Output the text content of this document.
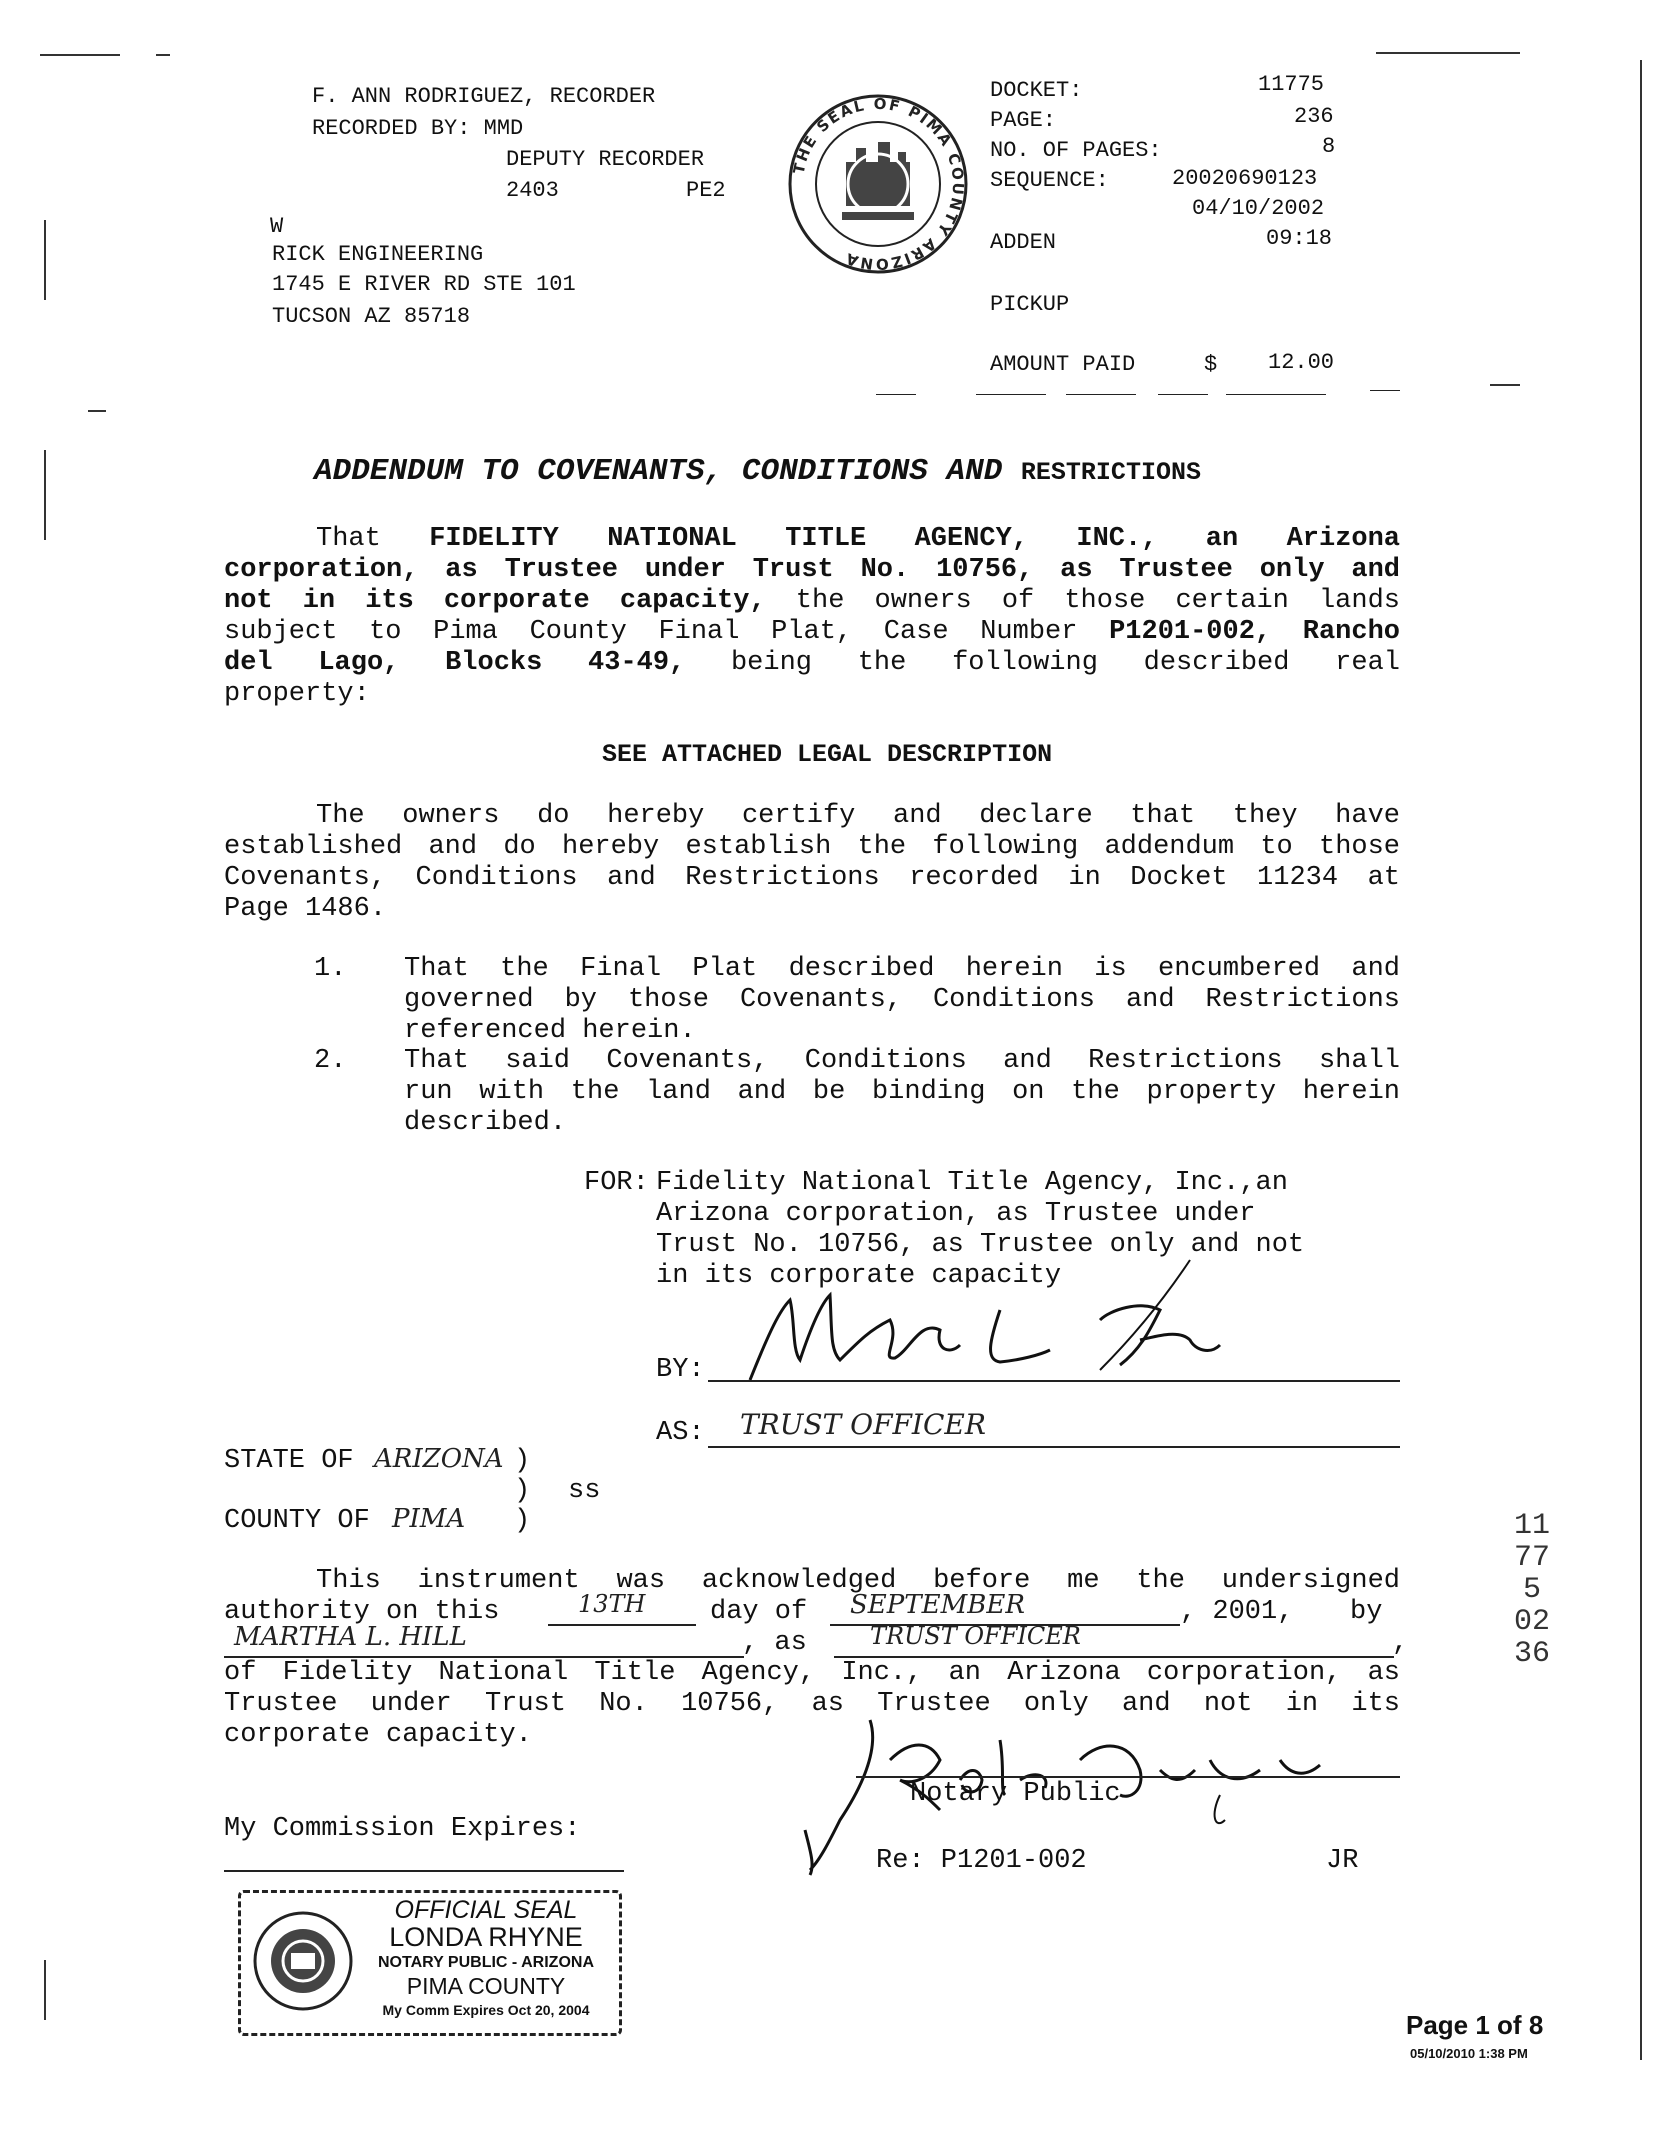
F. ANN RODRIGUEZ, RECORDER
RECORDED BY: MMD
DEPUTY RECORDER
2403	PE2
W
RICK ENGINEERING
1745 E RIVER RD STE 101
TUCSON AZ 85718
THE SEAL OF PIMA COUNTY ARIZONA
DOCKET:	11775
PAGE:	236
NO. OF PAGES:	8
SEQUENCE:	20020690123
04/10/2002
ADDEN	09:18
PICKUP
AMOUNT PAID	$ 12.00
ADDENDUM TO COVENANTS, CONDITIONS AND RESTRICTIONS
That FIDELITY NATIONAL TITLE AGENCY, INC., an Arizona
corporation, as Trustee under Trust No. 10756, as Trustee only and
not in its corporate capacity, the owners of those certain lands
subject to Pima County Final Plat, Case Number P1201-002, Rancho
del Lago, Blocks 43-49, being the following described real
property:
SEE ATTACHED LEGAL DESCRIPTION
The owners do hereby certify and declare that they have
established and do hereby establish the following addendum to those
Covenants, Conditions and Restrictions recorded in Docket 11234 at
Page 1486.
1. That the Final Plat described herein is encumbered and
governed by those Covenants, Conditions and Restrictions
referenced herein.
2. That said Covenants, Conditions and Restrictions shall
run with the land and be binding on the property herein
described.
FOR: Fidelity National Title Agency, Inc.,an
Arizona corporation, as Trustee under
Trust No. 10756, as Trustee only and not
in its corporate capacity
BY:
AS: TRUST OFFICER
STATE OF ARIZONA )
) ss
COUNTY OF PIMA )
This instrument was acknowledged before me the undersigned
authority on this	13TH day of SEPTEMBER	, 2001, by
MARTHA L. HILL	, as	TRUST OFFICER	,
of Fidelity National Title Agency, Inc., an Arizona corporation, as
Trustee under Trust No. 10756, as Trustee only and not in its
corporate capacity.
Notary Public
My Commission Expires:
Re: P1201-002	JR
OFFICIAL SEAL
LONDA RHYNE
NOTARY PUBLIC - ARIZONA
PIMA COUNTY
My Comm Expires Oct 20, 2004
11775 0236
Page 1 of 8
05/10/2010 1:38 PM
